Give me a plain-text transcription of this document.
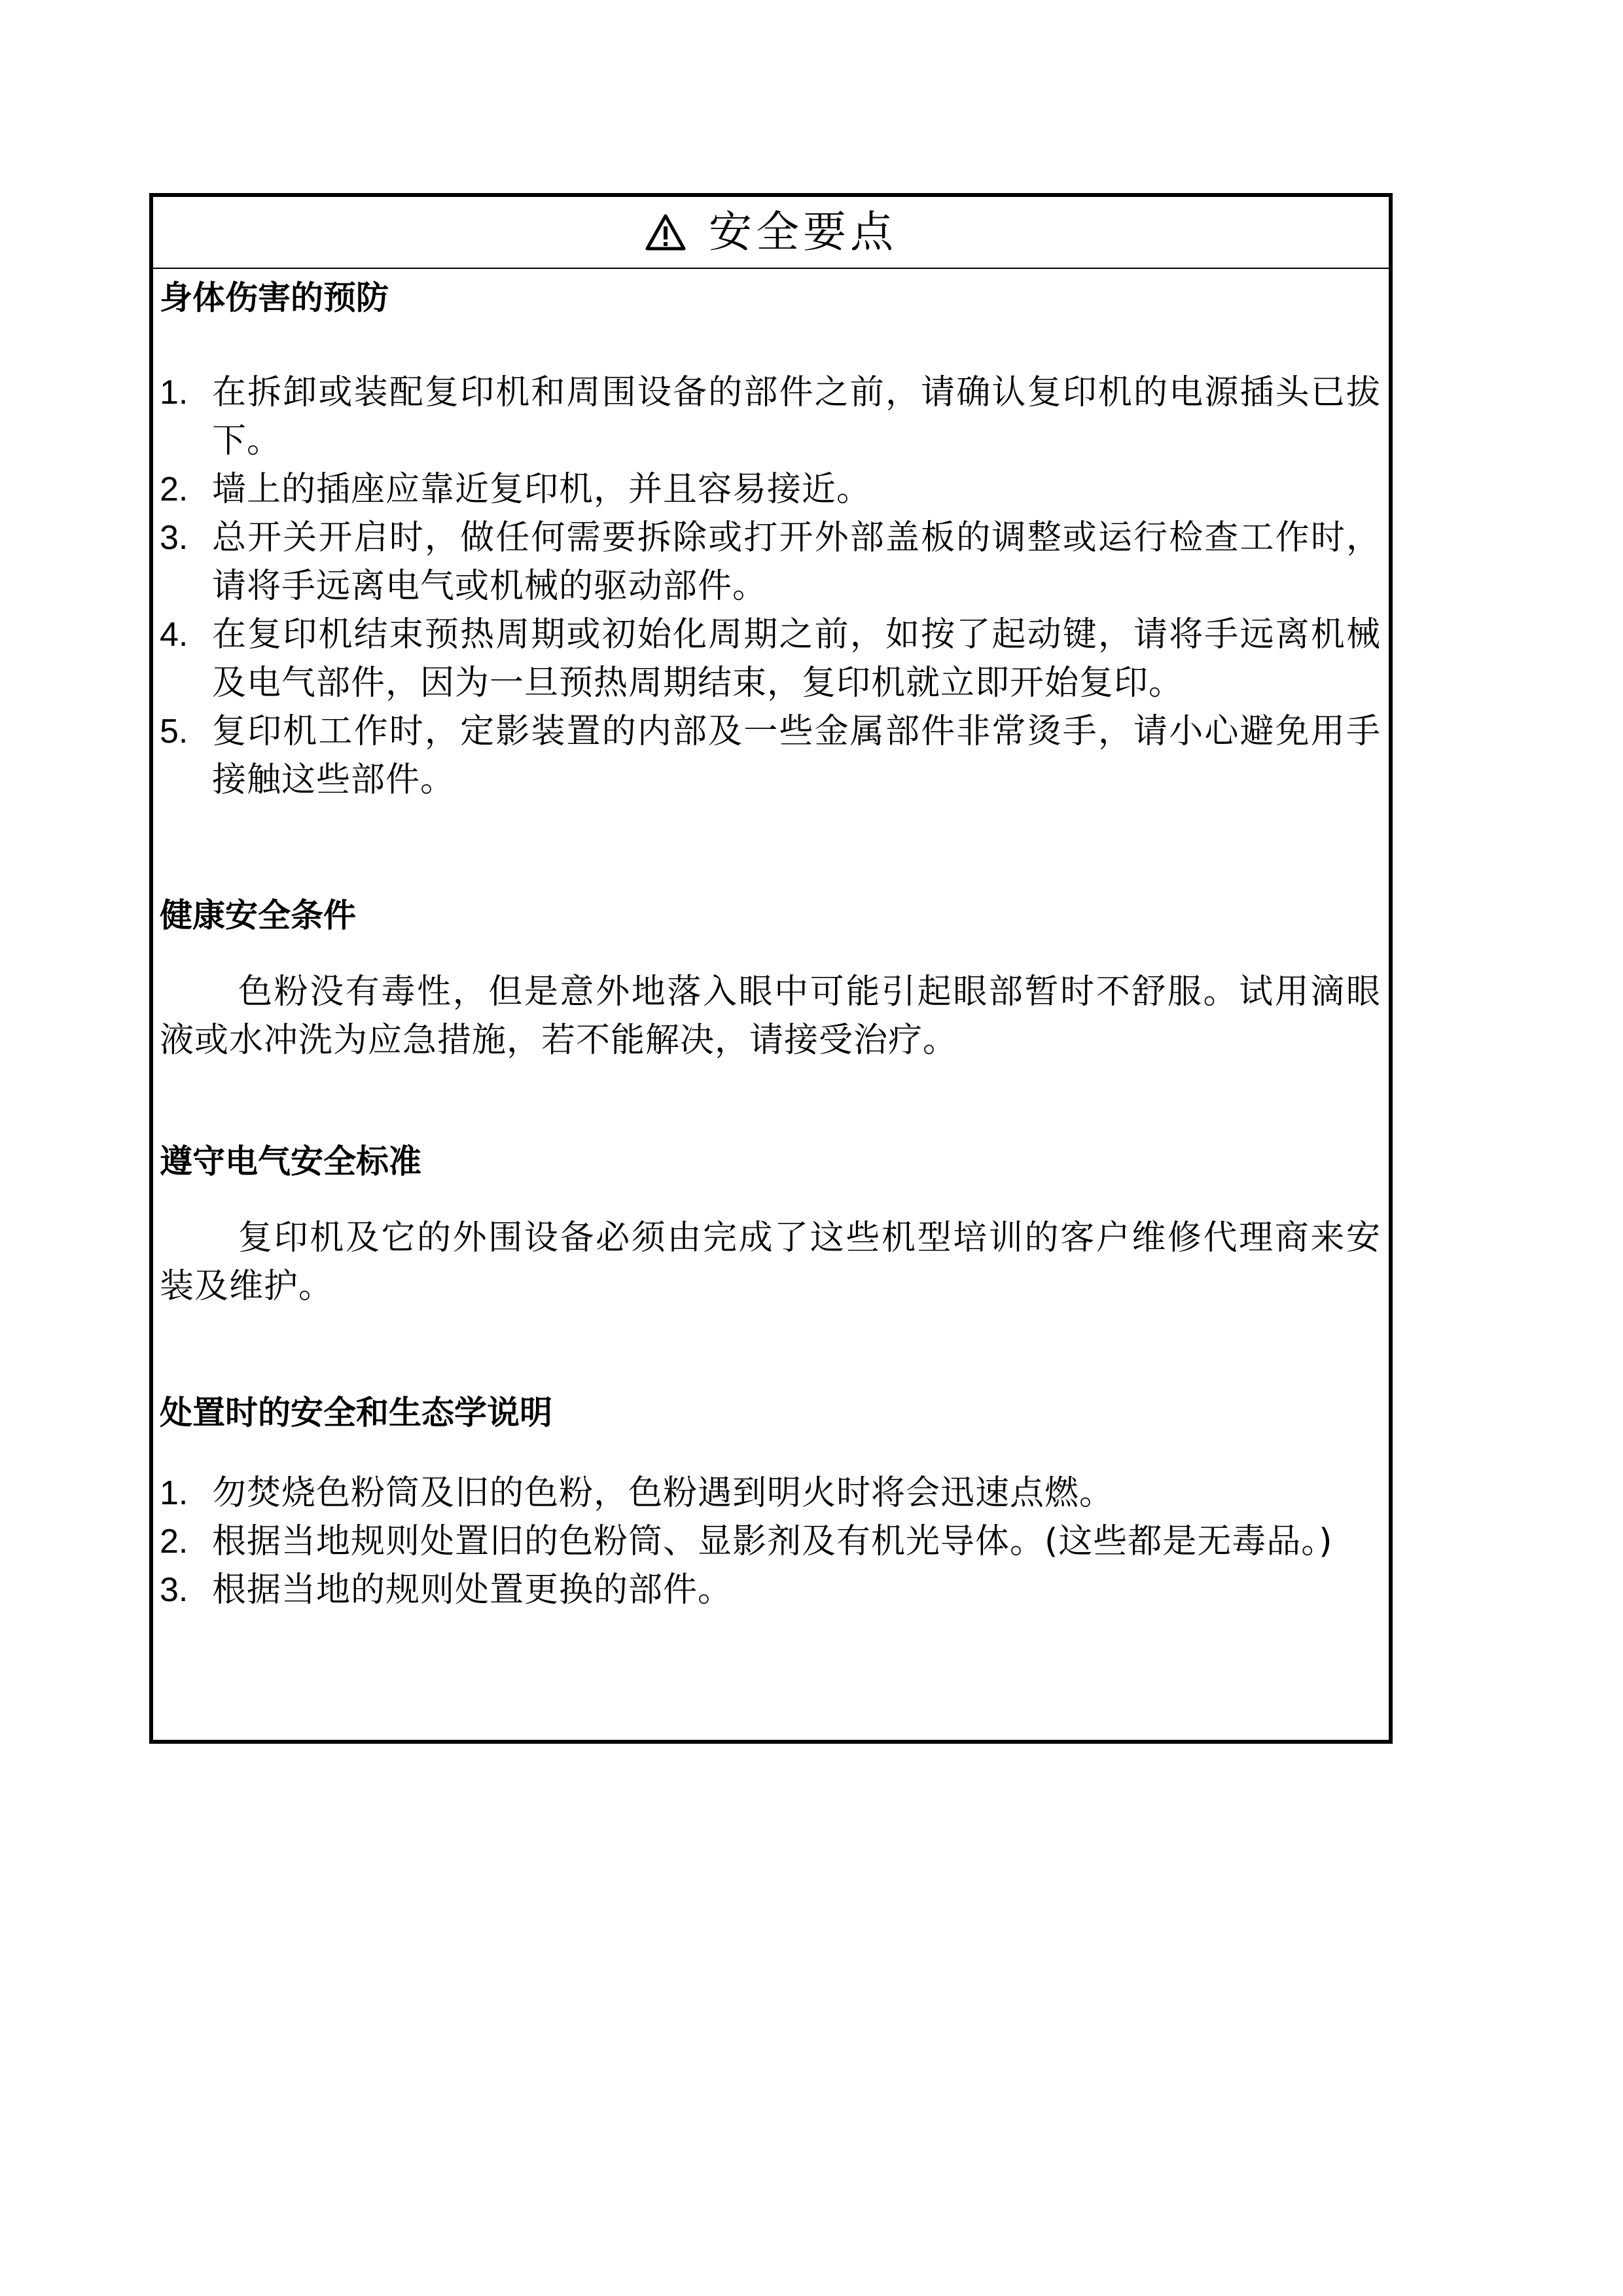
安全要点
身体伤害的预防
1. 在拆卸或装配复印机和周围设备的部件之前，请确认复印机的电源插头已拔下。
2. 墙上的插座应靠近复印机，并且容易接近。
3. 总开关开启时，做任何需要拆除或打开外部盖板的调整或运行检查工作时，请将手远离电气或机械的驱动部件。
4. 在复印机结束预热周期或初始化周期之前，如按了起动键，请将手远离机械及电气部件，因为一旦预热周期结束，复印机就立即开始复印。
5. 复印机工作时，定影装置的内部及一些金属部件非常烫手，请小心避免用手接触这些部件。
健康安全条件

色粉没有毒性，但是意外地落入眼中可能引起眼部暂时不舒服。试用滴眼液或水冲洗为应急措施，若不能解决，请接受治疗。

遵守电气安全标准

复印机及它的外围设备必须由完成了这些机型培训的客户维修代理商来安装及维护。

处置时的安全和生态学说明
1. 勿焚烧色粉筒及旧的色粉，色粉遇到明火时将会迅速点燃。
2. 根据当地规则处置旧的色粉筒、显影剂及有机光导体。(这些都是无毒品。)
3. 根据当地的规则处置更换的部件。
